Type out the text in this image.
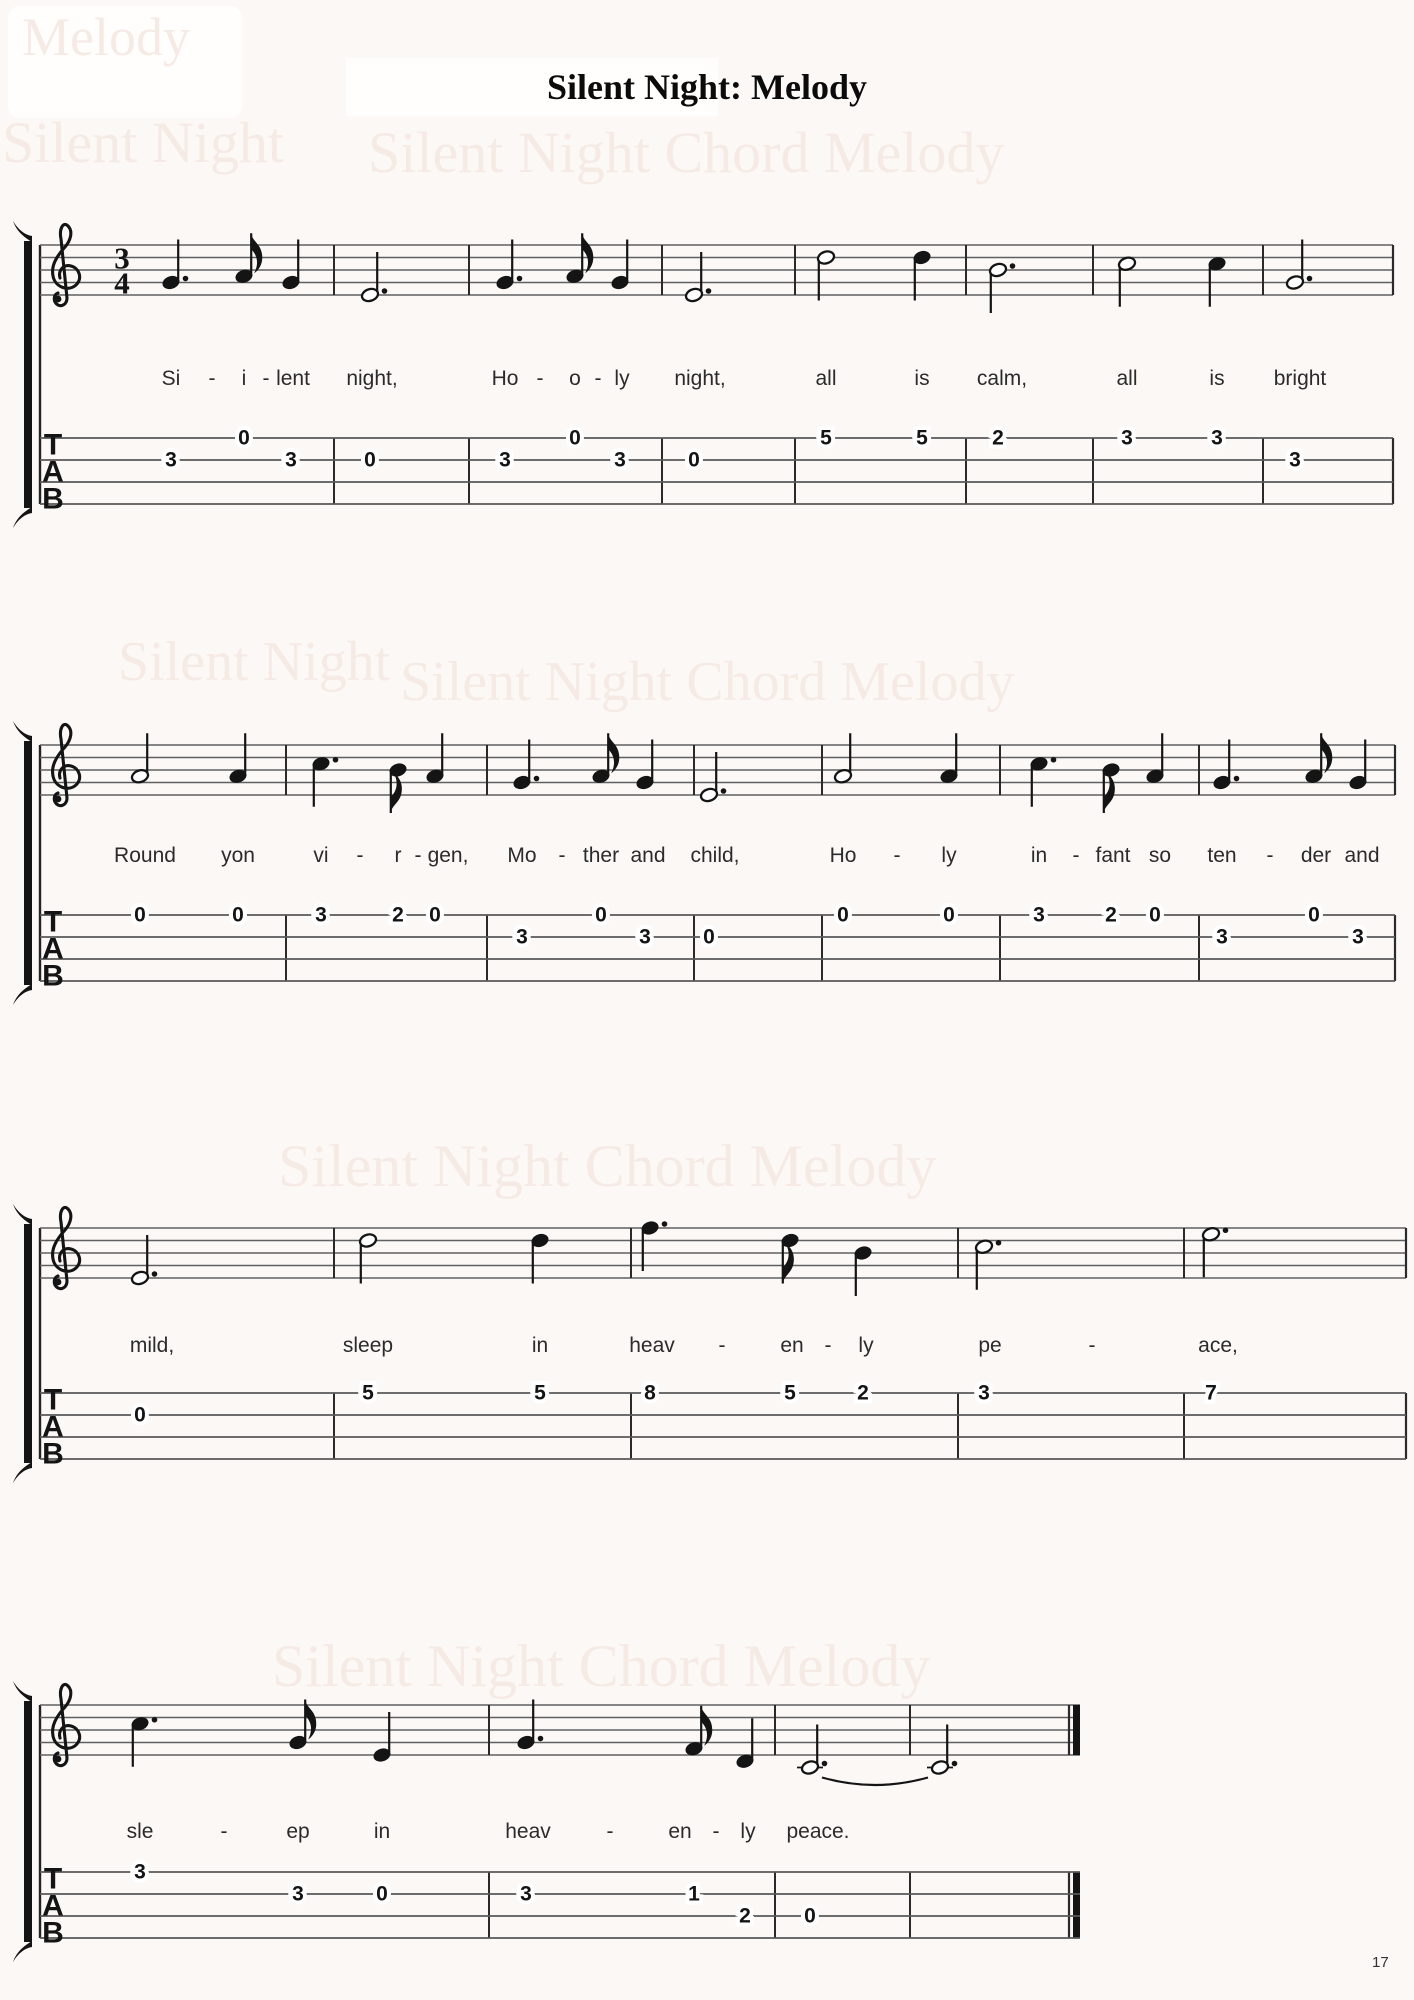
Melody
Silent Night Silent Night Chord Melody
Silent Night Silent Night Chord Melody
Silent Night Chord Melody
Silent Night Chord Melody
Silent Night: Melody
3
4
Si - i - lent night,	Ho - o - ly night,	all	is calm,	all	is bright
T
A
B
3
0
3	0	3
0
3	0
5	5	2	3	3
3
Round yon	vi - r - gen, Mo - ther and child,	Ho - ly	in - fant so ten - der and
T
A
B
0	0	3	2 0
3
0
3 0
0	0	3	2 0
3
0
3
mild,	sleep	in	heav -	en - ly	pe	-	ace,
T
A
B
0
5	5	8	5	2	3	7
sle	-	ep	in	heav	-	en - ly peace.
T
A
B
3
3	0	3	1
2	0
17
